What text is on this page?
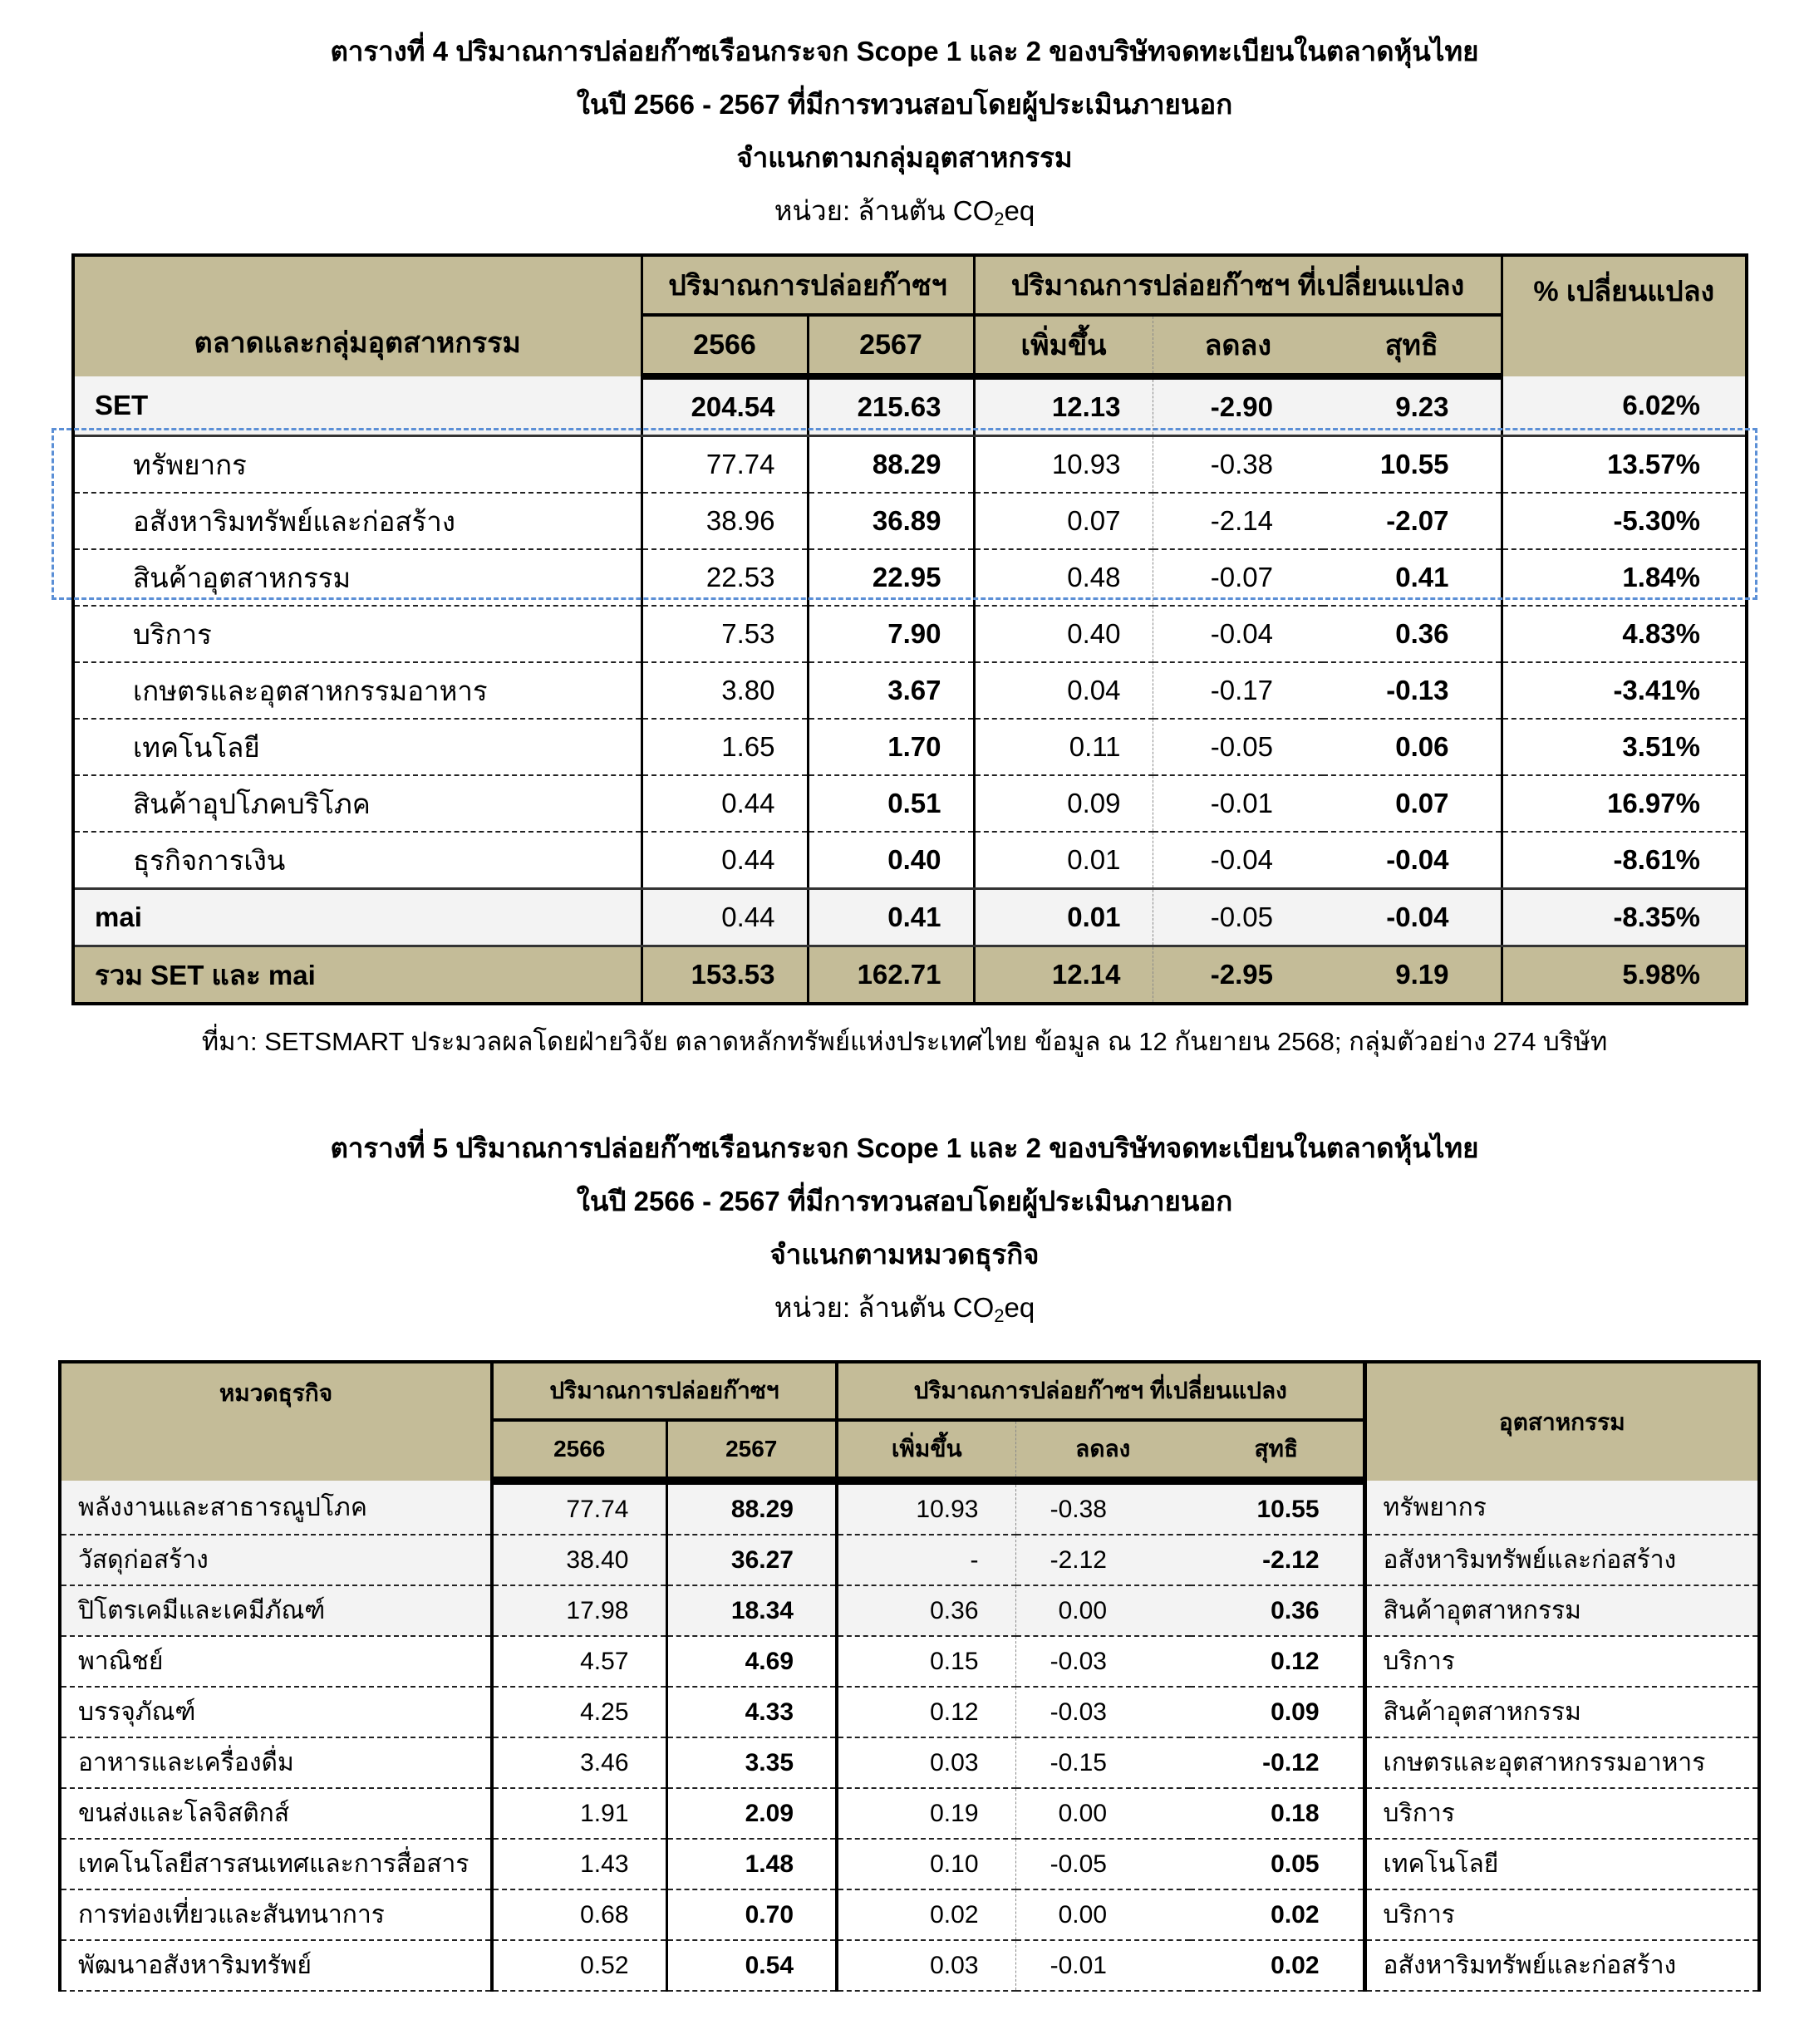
ตารางที่ 4 ปริมาณการปล่อยก๊าซเรือนกระจก Scope 1 และ 2 ของบริษัทจดทะเบียนในตลาดหุ้นไทย
ในปี 2566 - 2567 ที่มีการทวนสอบโดยผู้ประเมินภายนอก
จำแนกตามกลุ่มอุตสาหกรรม
หน่วย: ล้านตัน $CO_2eq$
ตลาดและกลุ่มอุตสาหกรรม	ปริมาณการปล่อยก๊าซฯ		ปริมาณการปล่อยก๊าซฯ ที่เปลี่ยนแปลง			% เปลี่ยนแปลง
	2566	2567	เพิ่มขึ้น	ลดลง	สุทธิ	
SET	204.54	215.63	12.13	-2.90	9.23	6.02%
ทรัพยากร	77.74	88.29	10.93	-0.38	10.55	13.57%
อสังหาริมทรัพย์และก่อสร้าง	38.96	36.89	0.07	-2.14	-2.07	-5.30%
สินค้าอุตสาหกรรม	22.53	22.95	0.48	-0.07	0.41	1.84%
บริการ	7.53	7.90	0.40	-0.04	0.36	4.83%
เกษตรและอุตสาหกรรมอาหาร	3.80	3.67	0.04	-0.17	-0.13	-3.41%
เทคโนโลยี	1.65	1.70	0.11	-0.05	0.06	3.51%
สินค้าอุปโภคบริโภค	0.44	0.51	0.09	-0.01	0.07	16.97%
ธุรกิจการเงิน	0.44	0.40	0.01	-0.04	-0.04	-8.61%
mai	0.44	0.41	0.01	-0.05	-0.04	-8.35%
รวม SET และ mai	153.53	162.71	12.14	-2.95	9.19	5.98%
ที่มา: SETSMART ประมวลผลโดยฝ่ายวิจัย ตลาดหลักทรัพย์แห่งประเทศไทย ข้อมูล ณ 12 กันยายน 2568; กลุ่มตัวอย่าง 274 บริษัท
ตารางที่ 5 ปริมาณการปล่อยก๊าซเรือนกระจก Scope 1 และ 2 ของบริษัทจดทะเบียนในตลาดหุ้นไทย
ในปี 2566 - 2567 ที่มีการทวนสอบโดยผู้ประเมินภายนอก
จำแนกตามหมวดธุรกิจ
หน่วย: ล้านตัน $CO_2eq$
หมวดธุรกิจ	ปริมาณการปล่อยก๊าซฯ		ปริมาณการปล่อยก๊าซฯ ที่เปลี่ยนแปลง			อุตสาหกรรม
	2566	2567	เพิ่มขึ้น	ลดลง	สุทธิ	
พลังงานและสาธารณูปโภค	77.74	88.29	10.93	-0.38	10.55	ทรัพยากร
วัสดุก่อสร้าง	38.40	36.27	-	-2.12	-2.12	อสังหาริมทรัพย์และก่อสร้าง
ปิโตรเคมีและเคมีภัณฑ์	17.98	18.34	0.36	0.00	0.36	สินค้าอุตสาหกรรม
พาณิชย์	4.57	4.69	0.15	-0.03	0.12	บริการ
บรรจุภัณฑ์	4.25	4.33	0.12	-0.03	0.09	สินค้าอุตสาหกรรม
อาหารและเครื่องดื่ม	3.46	3.35	0.03	-0.15	-0.12	เกษตรและอุตสาหกรรมอาหาร
ขนส่งและโลจิสติกส์	1.91	2.09	0.19	0.00	0.18	บริการ
เทคโนโลยีสารสนเทศและการสื่อสาร	1.43	1.48	0.10	-0.05	0.05	เทคโนโลยี
การท่องเที่ยวและสันทนาการ	0.68	0.70	0.02	0.00	0.02	บริการ
พัฒนาอสังหาริมทรัพย์	0.52	0.54	0.03	-0.01	0.02	อสังหาริมทรัพย์และก่อสร้าง
